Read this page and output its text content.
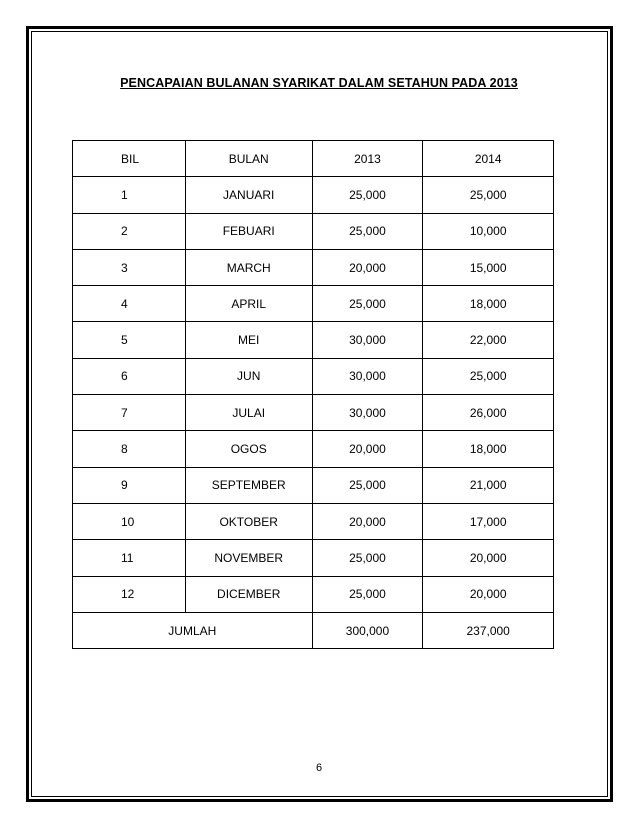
PENCAPAIAN BULANAN SYARIKAT DALAM SETAHUN PADA 2013
BIL	BULAN	2013	2014
1	JANUARI	25,000	25,000
2	FEBUARI	25,000	10,000
3	MARCH	20,000	15,000
4	APRIL	25,000	18,000
5	MEI	30,000	22,000
6	JUN	30,000	25,000
7	JULAI	30,000	26,000
8	OGOS	20,000	18,000
9	SEPTEMBER	25,000	21,000
10	OKTOBER	20,000	17,000
11	NOVEMBER	25,000	20,000
12	DICEMBER	25,000	20,000
JUMLAH		300,000	237,000
6
